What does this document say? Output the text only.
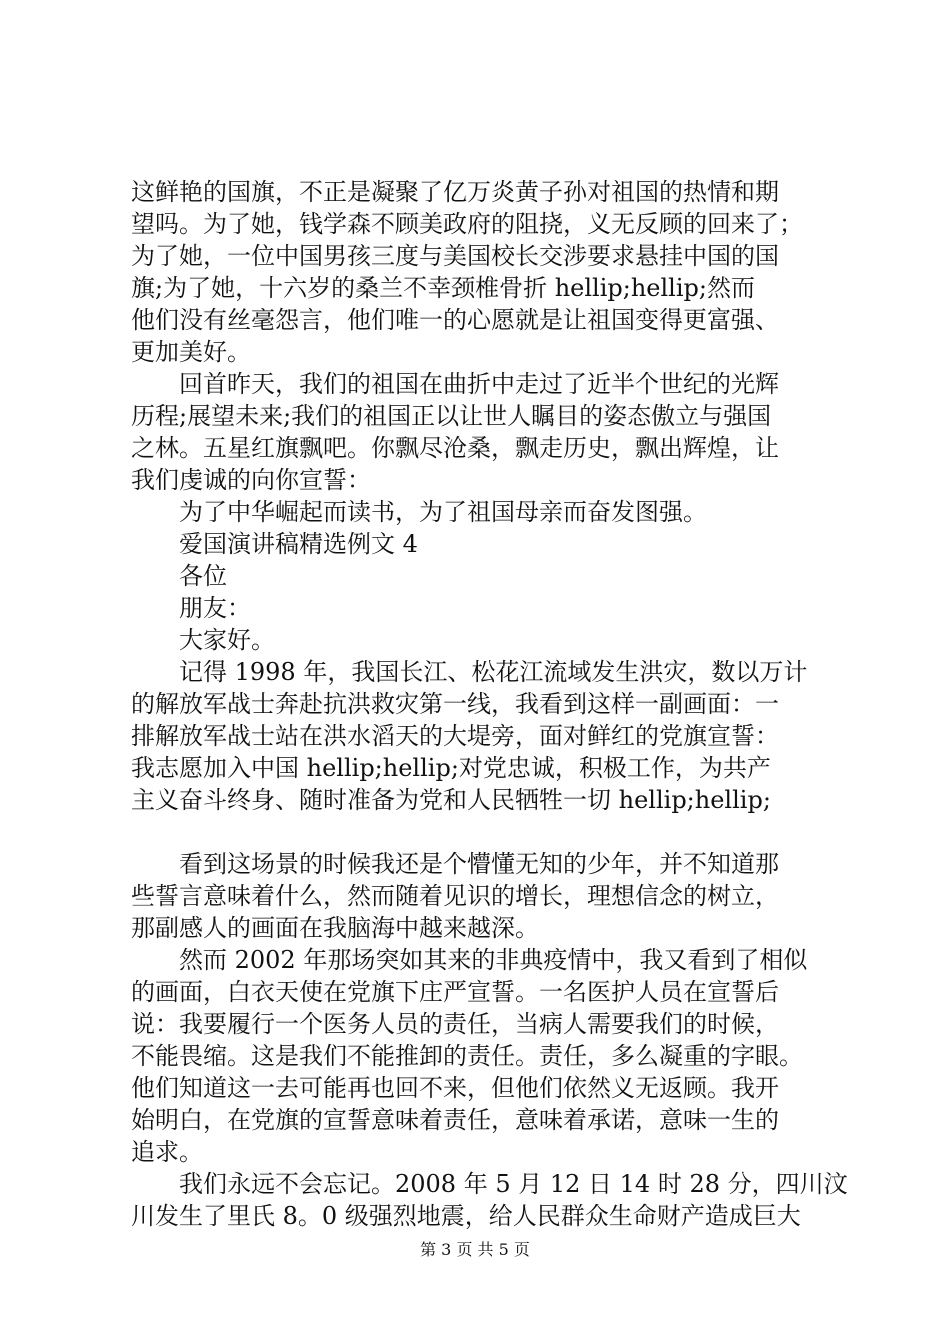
这鲜艳的国旗，不正是凝聚了亿万炎黄子孙对祖国的热情和期
望吗。为了她，钱学森不顾美政府的阻挠，义无反顾的回来了；
为了她，一位中国男孩三度与美国校长交涉要求悬挂中国的国
旗;为了她，十六岁的桑兰不幸颈椎骨折 hellip;hellip;然而
他们没有丝毫怨言，他们唯一的心愿就是让祖国变得更富强、
更加美好。
　　回首昨天，我们的祖国在曲折中走过了近半个世纪的光辉
历程;展望未来;我们的祖国正以让世人瞩目的姿态傲立与强国
之林。五星红旗飘吧。你飘尽沧桑，飘走历史，飘出辉煌，让
我们虔诚的向你宣誓：
　　为了中华崛起而读书，为了祖国母亲而奋发图强。
　　爱国演讲稿精选例文 4
　　各位
　　朋友：
　　大家好。
　　记得 1998 年，我国长江、松花江流域发生洪灾，数以万计
的解放军战士奔赴抗洪救灾第一线，我看到这样一副画面：一
排解放军战士站在洪水滔天的大堤旁，面对鲜红的党旗宣誓：
我志愿加入中国 hellip;hellip;对党忠诚，积极工作，为共产
主义奋斗终身、随时准备为党和人民牺牲一切 hellip;hellip;
　　看到这场景的时候我还是个懵懂无知的少年，并不知道那
些誓言意味着什么，然而随着见识的增长，理想信念的树立，
那副感人的画面在我脑海中越来越深。
　　然而 2002 年那场突如其来的非典疫情中，我又看到了相似
的画面，白衣天使在党旗下庄严宣誓。一名医护人员在宣誓后
说：我要履行一个医务人员的责任，当病人需要我们的时候，
不能畏缩。这是我们不能推卸的责任。责任，多么凝重的字眼。
他们知道这一去可能再也回不来，但他们依然义无返顾。我开
始明白，在党旗的宣誓意味着责任，意味着承诺，意味一生的
追求。
　　我们永远不会忘记。2008 年 5 月 12 日 14 时 28 分，四川汶
川发生了里氏 8。0 级强烈地震，给人民群众生命财产造成巨大
第 3 页 共 5 页
